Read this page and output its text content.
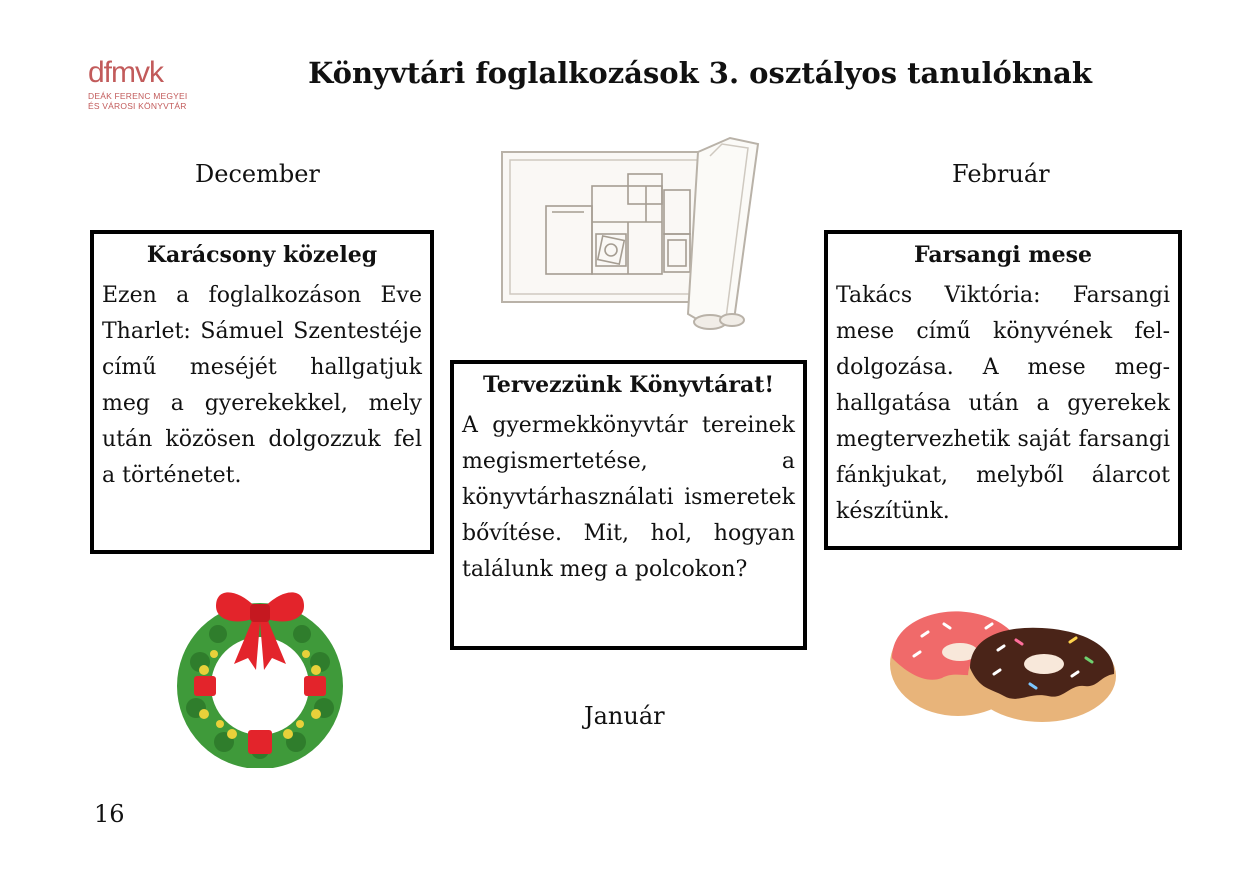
dfmvk
DEÁK FERENC MEGYEI
ÉS VÁROSI KÖNYVTÁR
Könyvtári foglalkozások 3. osztályos tanulóknak
December	Február
Január
Karácsony közeleg
Ezen a foglalkozáson Eve Tharlet: Sámuel Szentestéje című meséjét hallgatjuk meg a gyerekekkel, mely után közösen dolgozzuk fel a történetet.
Tervezzünk Könyvtárat!
A gyermekkönyvtár tereinek megismertetése, a könyvtárhasználati ismeretek bővítése. Mit, hol, hogyan találunk meg a polcokon?
Farsangi mese
Takács Viktória: Farsangi mese című könyvének feldolgozása. A mese meghallgatása után a gyerekek megtervezhetik saját farsangi fánkjukat, melyből álarcot készítünk.
16
